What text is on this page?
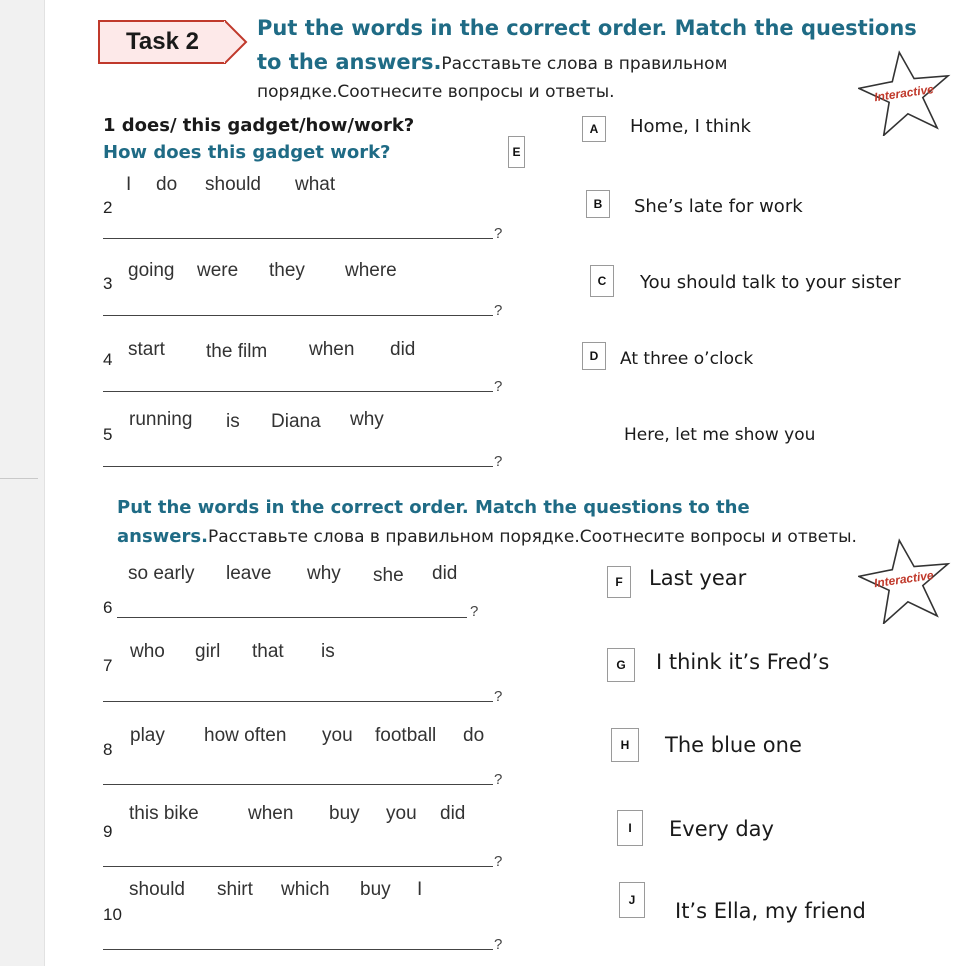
Task 2	Put the words in the correct order. Match the questions
to the answers.Расставьте слова в правильном
порядке.Соотнесите вопросы и ответы.	Interactive
Interactive
1 does/ this gadget/how/work?
How does this gadget work?	E
2
I do should what
?
3
going were they where
?
4 start the film when did
?
5
running is Diana why
?
A	Home, I think
B	She’s late for work
C	You should talk to your sister
D	At three o’clock
Here, let me show you
Put the words in the correct order. Match the questions to the
answers.Расставьте слова в правильном порядке.Соотнесите вопросы и ответы.
so early leave why she did
6	?
who girl that is
7
?
play how often you football do
8
?
this bike	when buy you did
9
?
should shirt which buy I
10
?
F	Last year
G	I think it’s Fred’s
H	The blue one
I	Every day
J	It’s Ella, my friend
